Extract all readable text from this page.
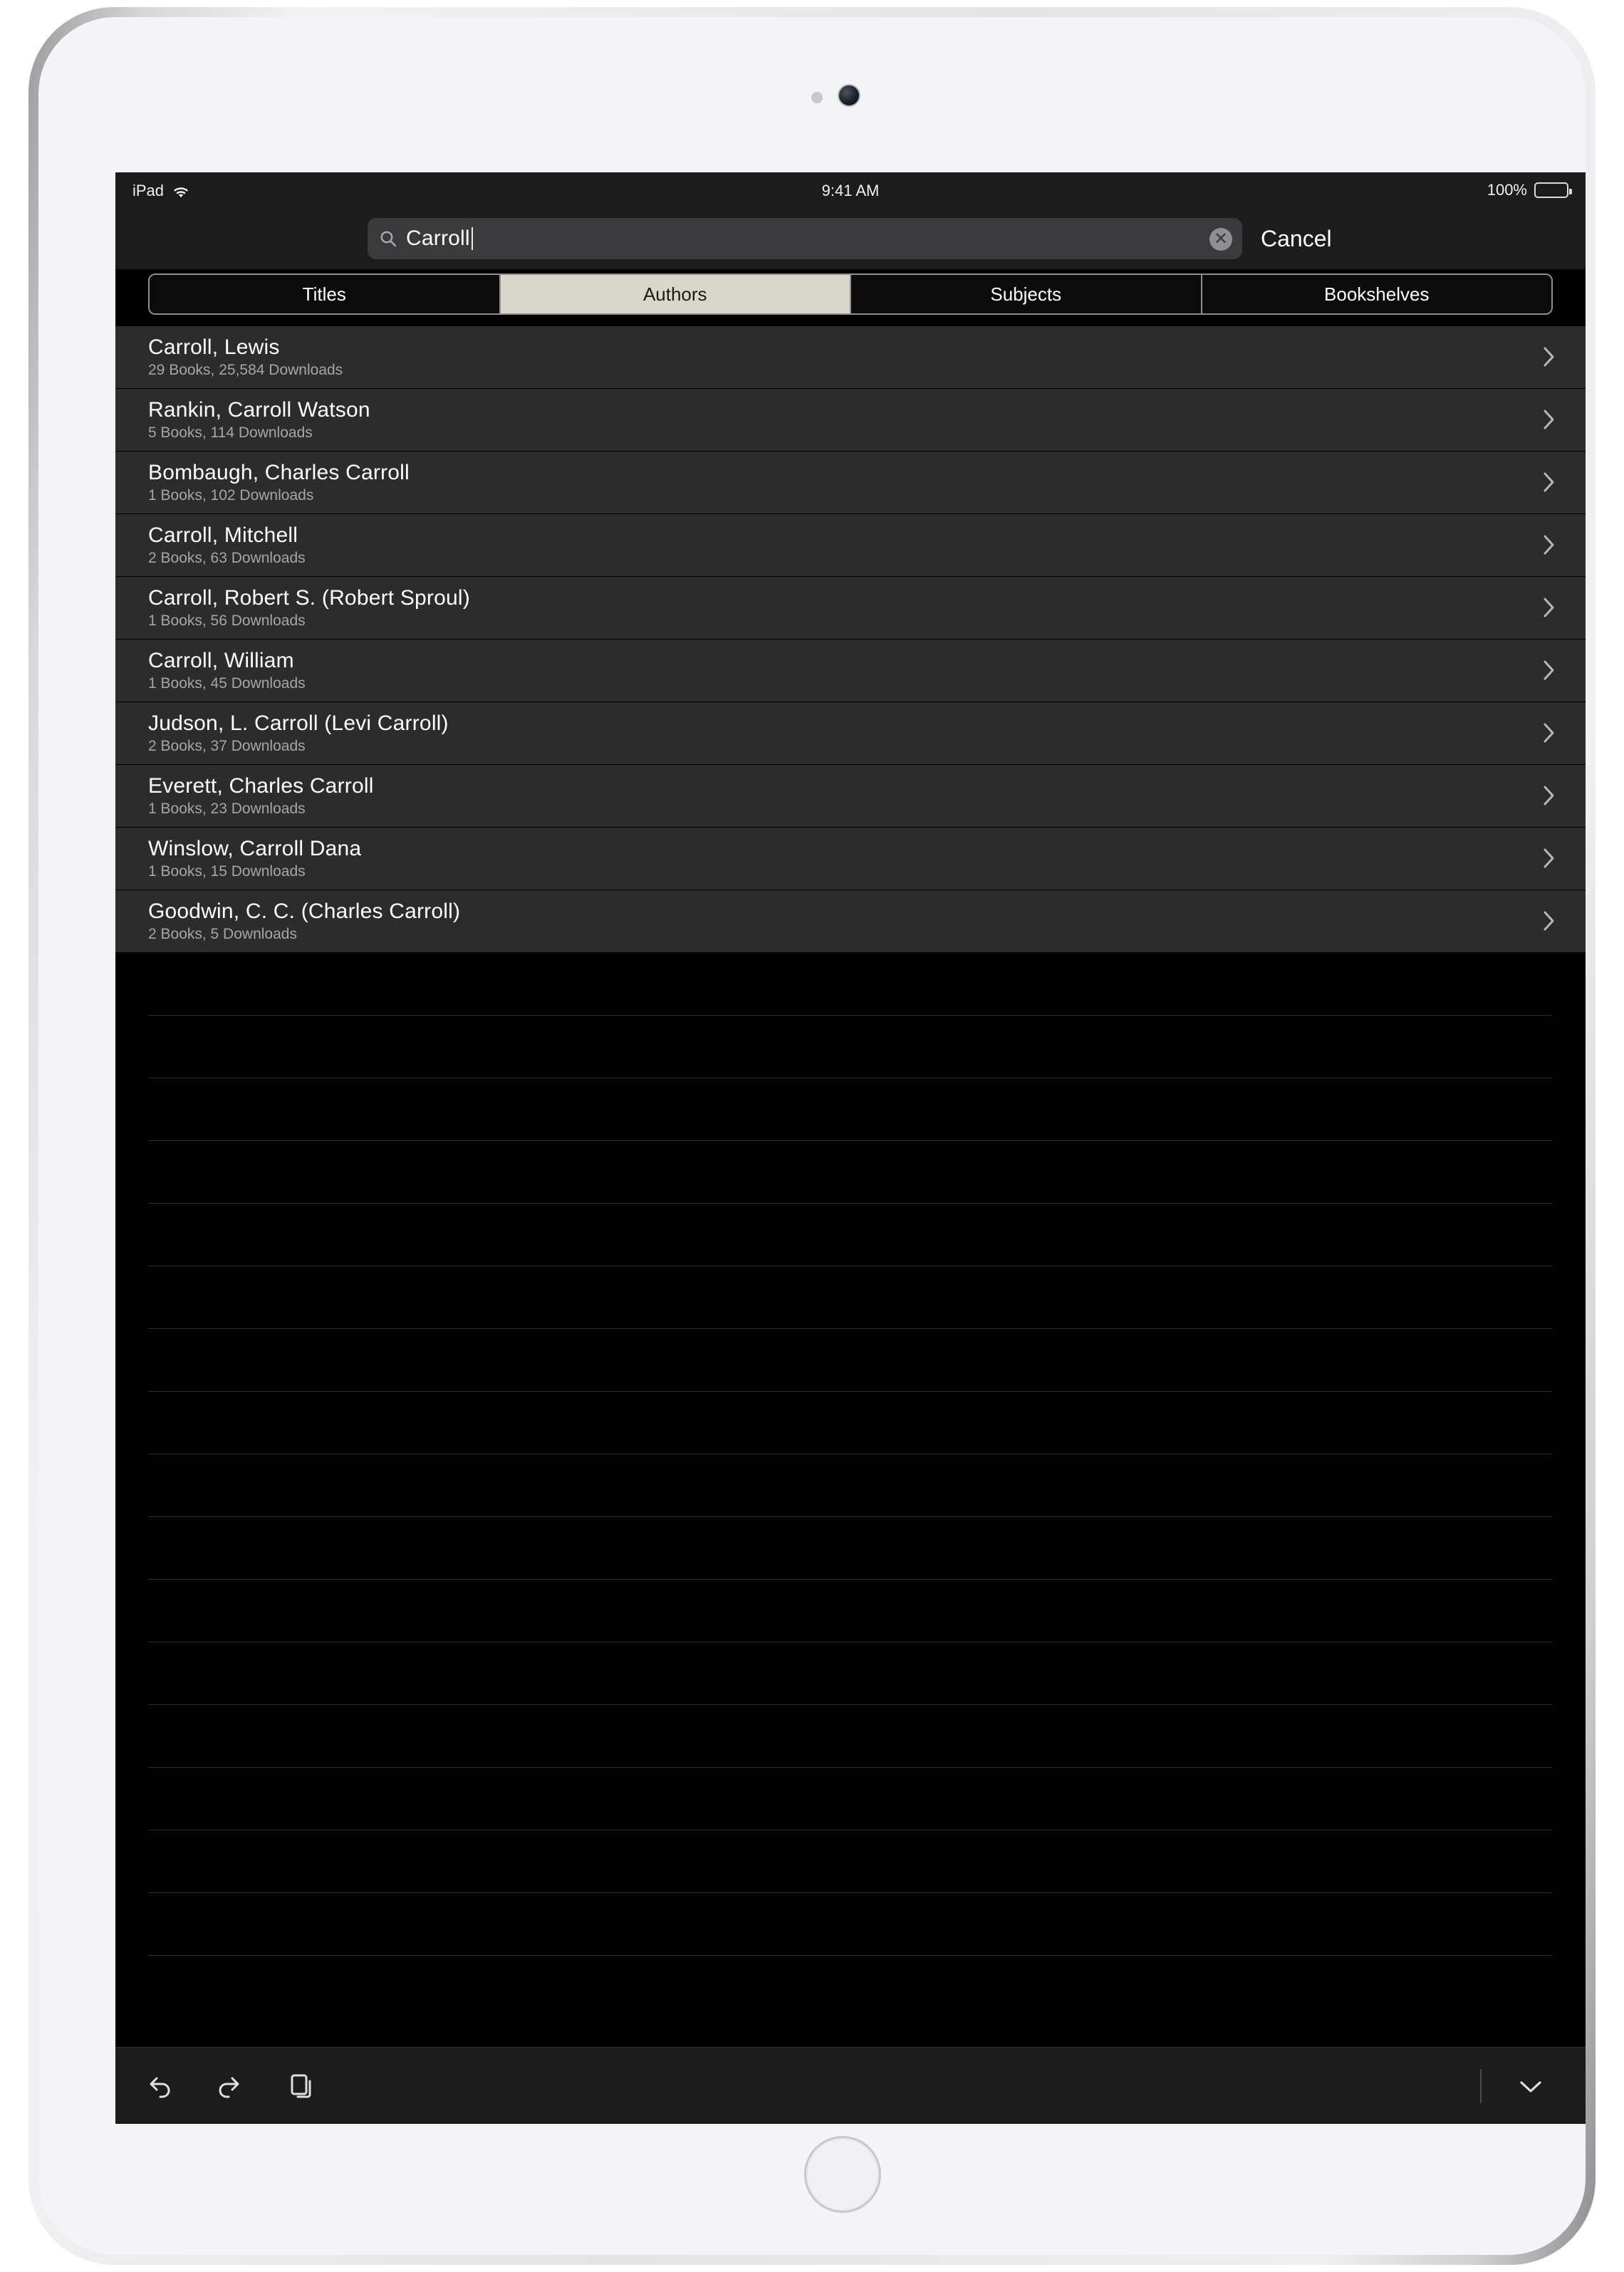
iPad	9:41 AM	100%
Carroll	✕ Cancel
Titles	Authors	Subjects	Bookshelves
Carroll, Lewis
29 Books, 25,584 Downloads
Rankin, Carroll Watson
5 Books, 114 Downloads
Bombaugh, Charles Carroll
1 Books, 102 Downloads
Carroll, Mitchell
2 Books, 63 Downloads
Carroll, Robert S. (Robert Sproul)
1 Books, 56 Downloads
Carroll, William
1 Books, 45 Downloads
Judson, L. Carroll (Levi Carroll)
2 Books, 37 Downloads
Everett, Charles Carroll
1 Books, 23 Downloads
Winslow, Carroll Dana
1 Books, 15 Downloads
Goodwin, C. C. (Charles Carroll)
2 Books, 5 Downloads
